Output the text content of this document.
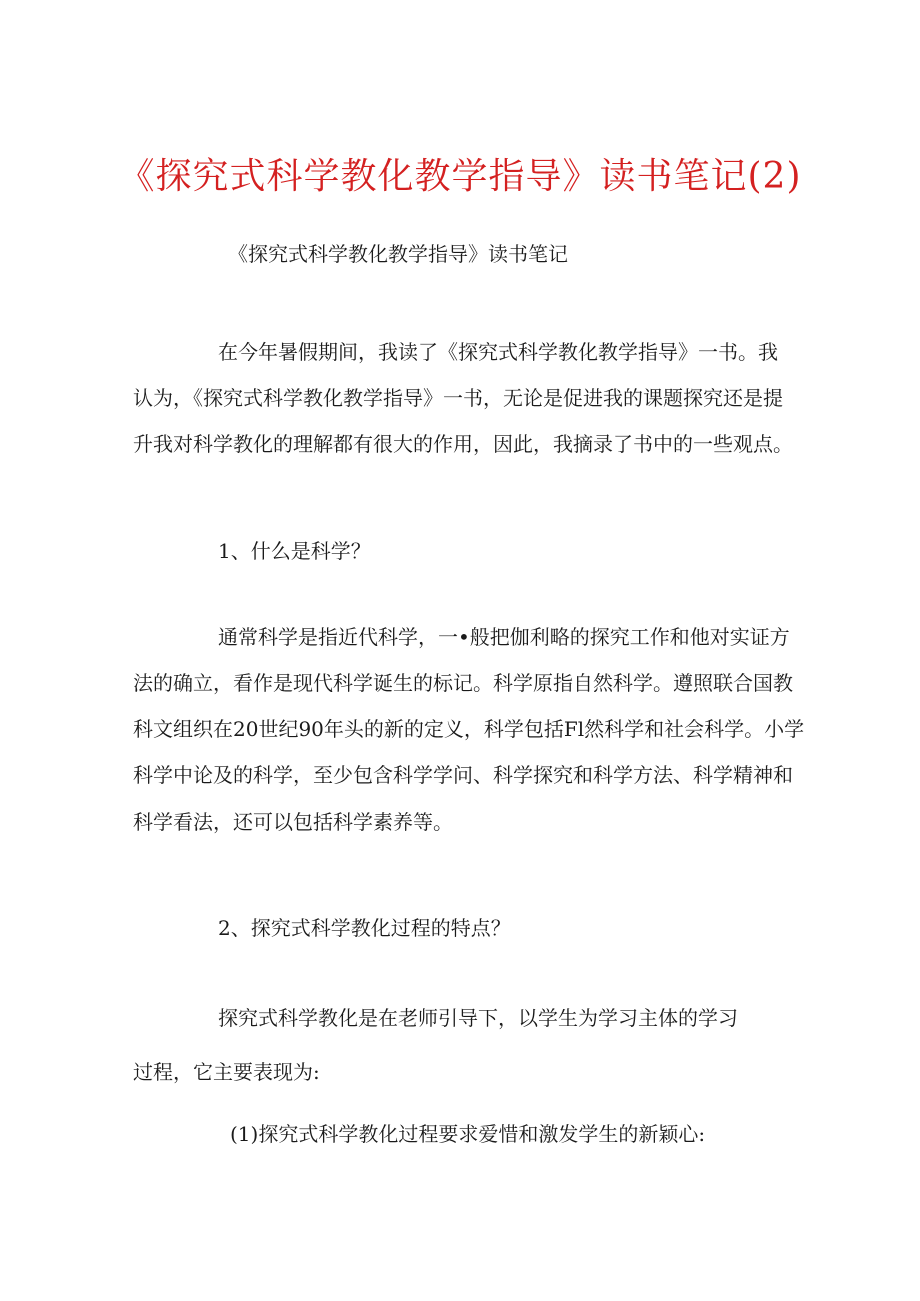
《探究式科学教化教学指导》读书笔记(2)
《探究式科学教化教学指导》读书笔记
在今年暑假期间，我读了《探究式科学教化教学指导》一书。我
认为，《探究式科学教化教学指导》一书，无论是促进我的课题探究还是提
升我对科学教化的理解都有很大的作用，因此，我摘录了书中的一些观点。
1、什么是科学？
通常科学是指近代科学，一•般把伽利略的探究工作和他对实证方
法的确立，看作是现代科学诞生的标记。科学原指自然科学。遵照联合国教
科文组织在20世纪90年头的新的定义，科学包括Fl然科学和社会科学。小学
科学中论及的科学，至少包含科学学问、科学探究和科学方法、科学精神和
科学看法，还可以包括科学素养等。
2、探究式科学教化过程的特点？
探究式科学教化是在老师引导下，以学生为学习主体的学习
过程，它主要表现为:
(1)探究式科学教化过程要求爱惜和激发学生的新颖心:
